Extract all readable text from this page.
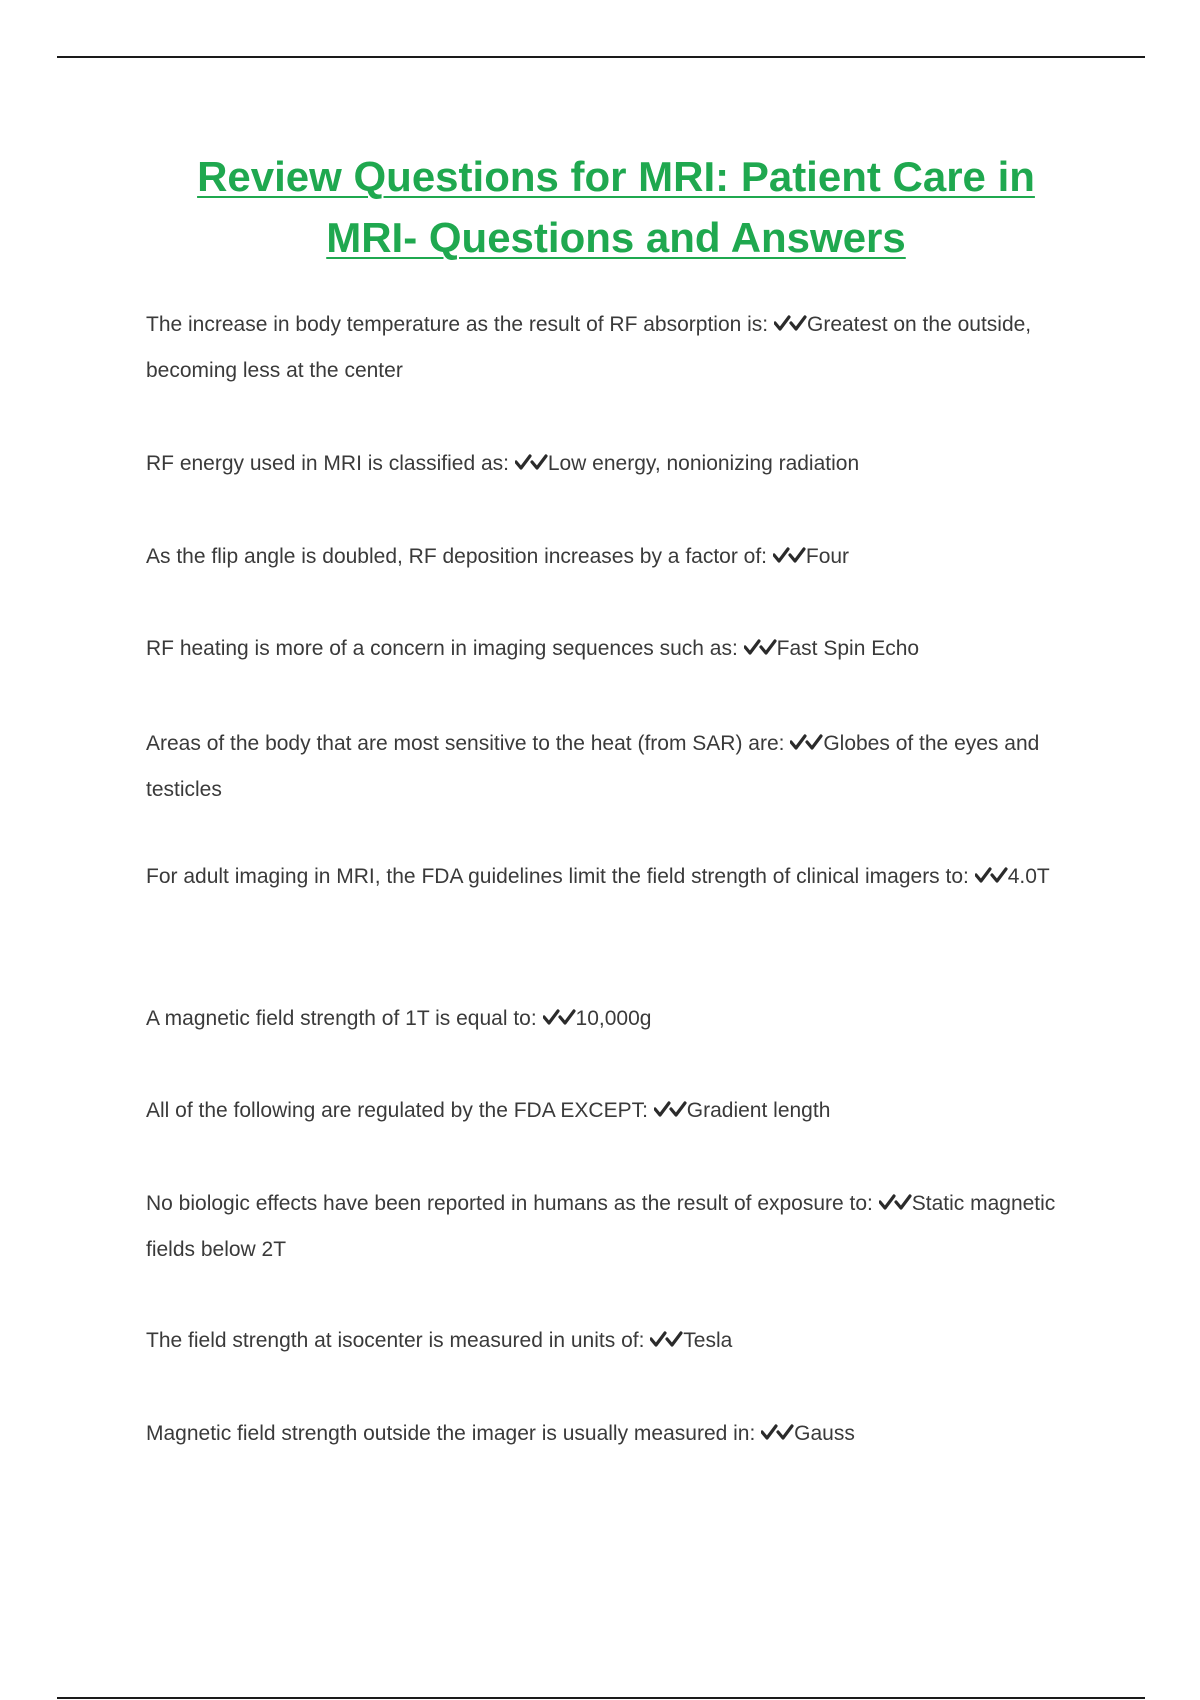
Review Questions for MRI: Patient Care in
MRI- Questions and Answers

The increase in body temperature as the result of RF absorption is: Greatest on the outside, becoming less at the center

RF energy used in MRI is classified as: Low energy, nonionizing radiation

As the flip angle is doubled, RF deposition increases by a factor of: Four

RF heating is more of a concern in imaging sequences such as: Fast Spin Echo

Areas of the body that are most sensitive to the heat (from SAR) are: Globes of the eyes and testicles

For adult imaging in MRI, the FDA guidelines limit the field strength of clinical imagers to: 4.0T

A magnetic field strength of 1T is equal to: 10,000g

All of the following are regulated by the FDA EXCEPT: Gradient length

No biologic effects have been reported in humans as the result of exposure to: Static magnetic fields below 2T

The field strength at isocenter is measured in units of: Tesla

Magnetic field strength outside the imager is usually measured in: Gauss
